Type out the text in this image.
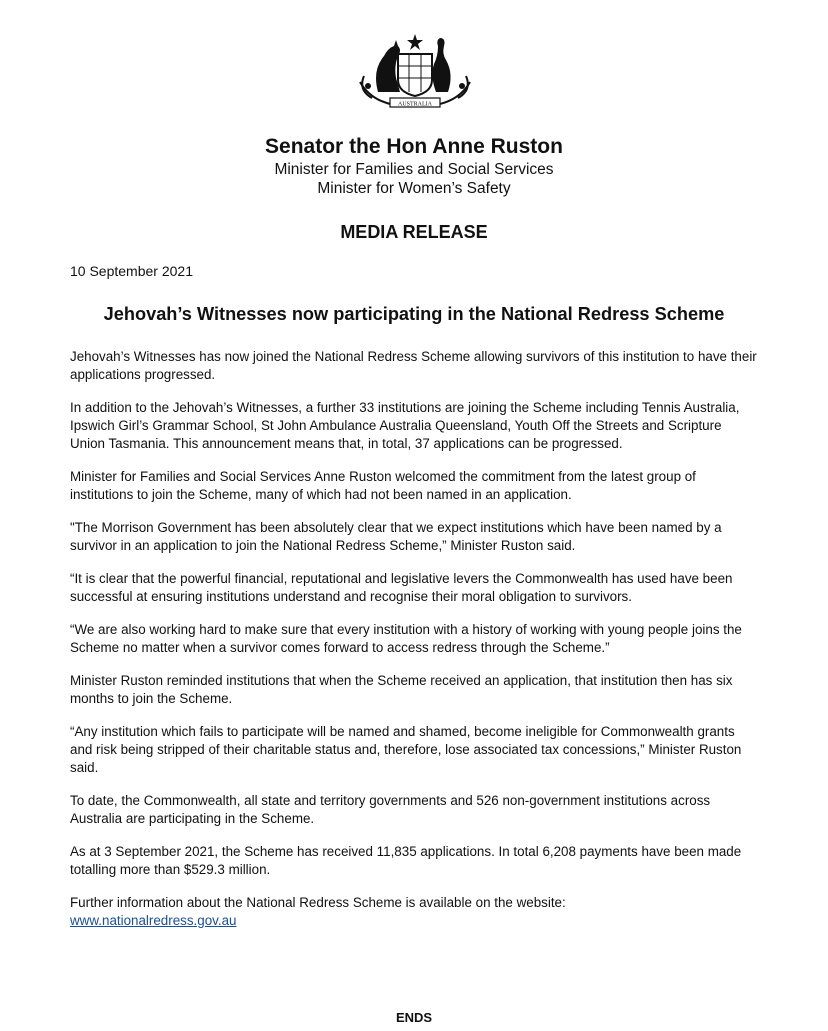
AUSTRALIA

Senator the Hon Anne Ruston

Minister for Families and Social Services

Minister for Women’s Safety

MEDIA RELEASE
10 September 2021
Jehovah’s Witnesses now participating in the National Redress Scheme

Jehovah’s Witnesses has now joined the National Redress Scheme allowing survivors of this institution to have their applications progressed.

In addition to the Jehovah’s Witnesses, a further 33 institutions are joining the Scheme including Tennis Australia, Ipswich Girl’s Grammar School, St John Ambulance Australia Queensland, Youth Off the Streets and Scripture Union Tasmania. This announcement means that, in total, 37 applications can be progressed.

Minister for Families and Social Services Anne Ruston welcomed the commitment from the latest group of institutions to join the Scheme, many of which had not been named in an application.

"The Morrison Government has been absolutely clear that we expect institutions which have been named by a survivor in an application to join the National Redress Scheme,” Minister Ruston said.

“It is clear that the powerful financial, reputational and legislative levers the Commonwealth has used have been successful at ensuring institutions understand and recognise their moral obligation to survivors.

“We are also working hard to make sure that every institution with a history of working with young people joins the Scheme no matter when a survivor comes forward to access redress through the Scheme.”

Minister Ruston reminded institutions that when the Scheme received an application, that institution then has six months to join the Scheme.

“Any institution which fails to participate will be named and shamed, become ineligible for Commonwealth grants and risk being stripped of their charitable status and, therefore, lose associated tax concessions,” Minister Ruston said.

To date, the Commonwealth, all state and territory governments and 526 non-government institutions across Australia are participating in the Scheme.

As at 3 September 2021, the Scheme has received 11,835 applications. In total 6,208 payments have been made totalling more than $529.3 million.

Further information about the National Redress Scheme is available on the website:
www.nationalredress.gov.au

ENDS
